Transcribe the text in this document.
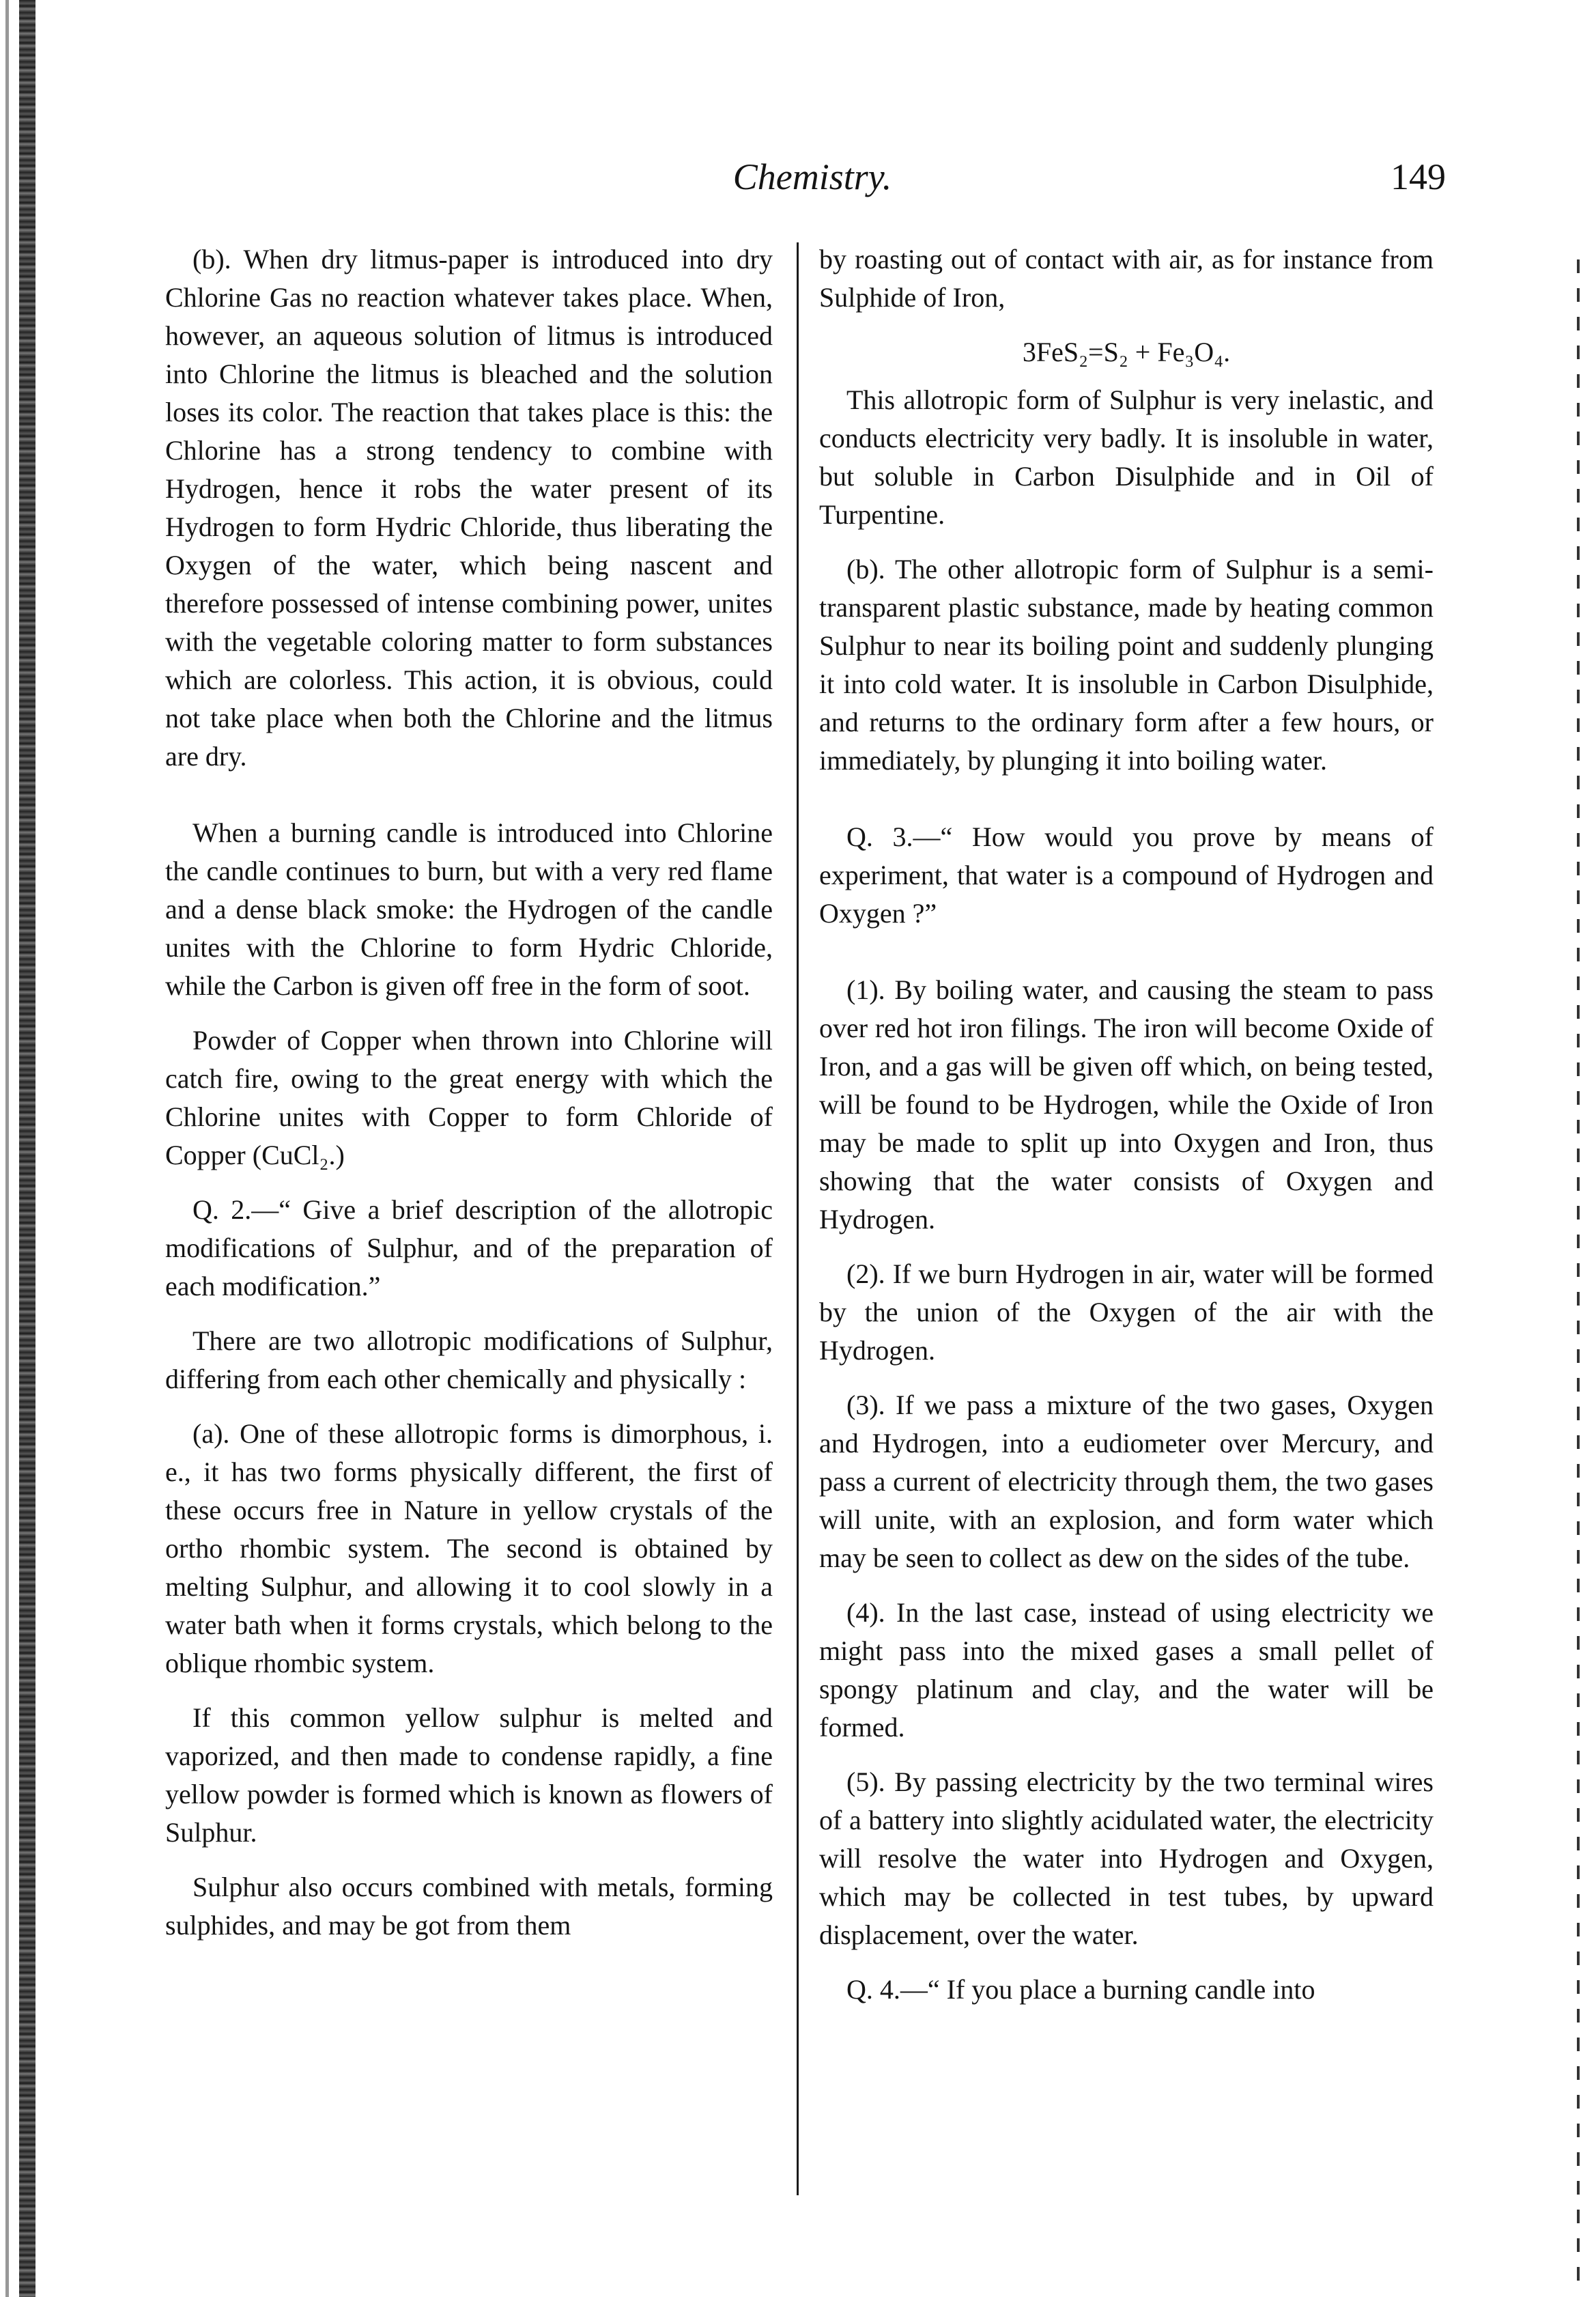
Chemistry.	149

(b). When dry litmus-paper is introduced into dry Chlorine Gas no reaction whatever takes place. When, however, an aqueous solution of litmus is introduced into Chlorine the litmus is bleached and the solution loses its color. The reaction that takes place is this: the Chlorine has a strong tendency to combine with Hydrogen, hence it robs the water present of its Hydrogen to form Hydric Chloride, thus liberating the Oxygen of the water, which being nascent and therefore possessed of intense combining power, unites with the vegetable coloring matter to form substances which are colorless. This action, it is obvious, could not take place when both the Chlorine and the litmus are dry.

When a burning candle is introduced into Chlorine the candle continues to burn, but with a very red flame and a dense black smoke: the Hydrogen of the candle unites with the Chlorine to form Hydric Chloride, while the Carbon is given off free in the form of soot.

Powder of Copper when thrown into Chlorine will catch fire, owing to the great energy with which the Chlorine unites with Copper to form Chloride of Copper (CuCl₂.)

Q. 2.—“ Give a brief description of the allotropic modifications of Sulphur, and of the preparation of each modification.”

There are two allotropic modifications of Sulphur, differing from each other chemically and physically :

(a). One of these allotropic forms is dimorphous, i. e., it has two forms physically different, the first of these occurs free in Nature in yellow crystals of the ortho rhombic system. The second is obtained by melting Sulphur, and allowing it to cool slowly in a water bath when it forms crystals, which belong to the oblique rhombic system.

If this common yellow sulphur is melted and vaporized, and then made to condense rapidly, a fine yellow powder is formed which is known as flowers of Sulphur.

Sulphur also occurs combined with metals, forming sulphides, and may be got from them

by roasting out of contact with air, as for instance from Sulphide of Iron,

3FeS₂=S₂ + Fe₃O₄.

This allotropic form of Sulphur is very inelastic, and conducts electricity very badly. It is insoluble in water, but soluble in Carbon Disulphide and in Oil of Turpentine.

(b). The other allotropic form of Sulphur is a semi-transparent plastic substance, made by heating common Sulphur to near its boiling point and suddenly plunging it into cold water. It is insoluble in Carbon Disulphide, and returns to the ordinary form after a few hours, or immediately, by plunging it into boiling water.

Q. 3.—“ How would you prove by means of experiment, that water is a compound of Hydrogen and Oxygen ?”

(1). By boiling water, and causing the steam to pass over red hot iron filings. The iron will become Oxide of Iron, and a gas will be given off which, on being tested, will be found to be Hydrogen, while the Oxide of Iron may be made to split up into Oxygen and Iron, thus showing that the water consists of Oxygen and Hydrogen.

(2). If we burn Hydrogen in air, water will be formed by the union of the Oxygen of the air with the Hydrogen.

(3). If we pass a mixture of the two gases, Oxygen and Hydrogen, into a eudiometer over Mercury, and pass a current of electricity through them, the two gases will unite, with an explosion, and form water which may be seen to collect as dew on the sides of the tube.

(4). In the last case, instead of using electricity we might pass into the mixed gases a small pellet of spongy platinum and clay, and the water will be formed.

(5). By passing electricity by the two terminal wires of a battery into slightly acidulated water, the electricity will resolve the water into Hydrogen and Oxygen, which may be collected in test tubes, by upward displacement, over the water.

Q. 4.—“ If you place a burning candle into
